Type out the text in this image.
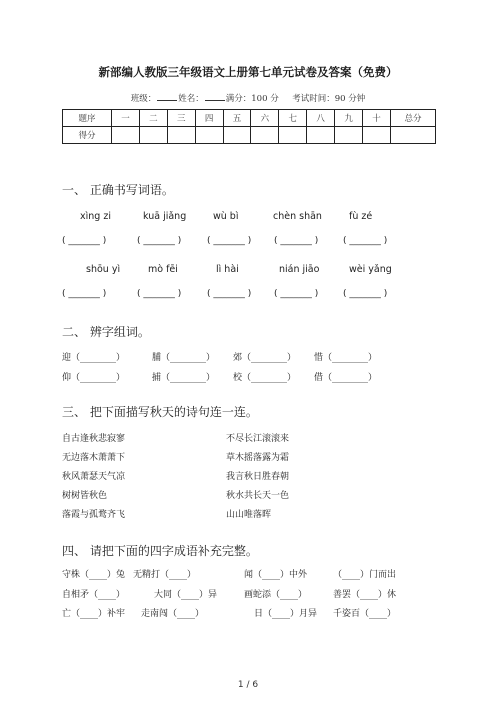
新部编人教版三年级语文上册第七单元试卷及答案（免费）
班级：	姓名：	满分：100 分 考试时间：90 分钟
题序	一	二	三	四	五	六	七	八	九	十	总分
得分											
一、 正确书写词语。
xìng zi	kuā jiǎng	wù bì	chèn shān	fù zé
( _______ )	( _______ )	( _______ )	( _______ )	( _______ )
shōu yì	mò fēi	lì hài	nián jiāo	wèi yǎng
( _______ )	( _______ )	( _______ )	( _______ )	( _______ )
二、 辨字组词。
迎（________）	脯（________） 郊（________） 惜（________）
仰（________）	捕（________） 校（________） 借（________）
三、 把下面描写秋天的诗句连一连。
自古逢秋悲寂寥
无边落木萧萧下
秋风萧瑟天气凉
树树皆秋色
落霞与孤鹜齐飞
不尽长江滚滚来
草木摇落露为霜
我言秋日胜春朝
秋水共长天一色
山山唯落晖
四、 请把下面的四字成语补充完整。
守株（____）兔 无精打（____）	闻（____）中外	（____）门而出
自相矛（____）	大同（____）异	画蛇添（____）	善罢（____）休
亡（____）补牢 走南闯（____）	日（____）月异 千姿百（____）
1 / 6
